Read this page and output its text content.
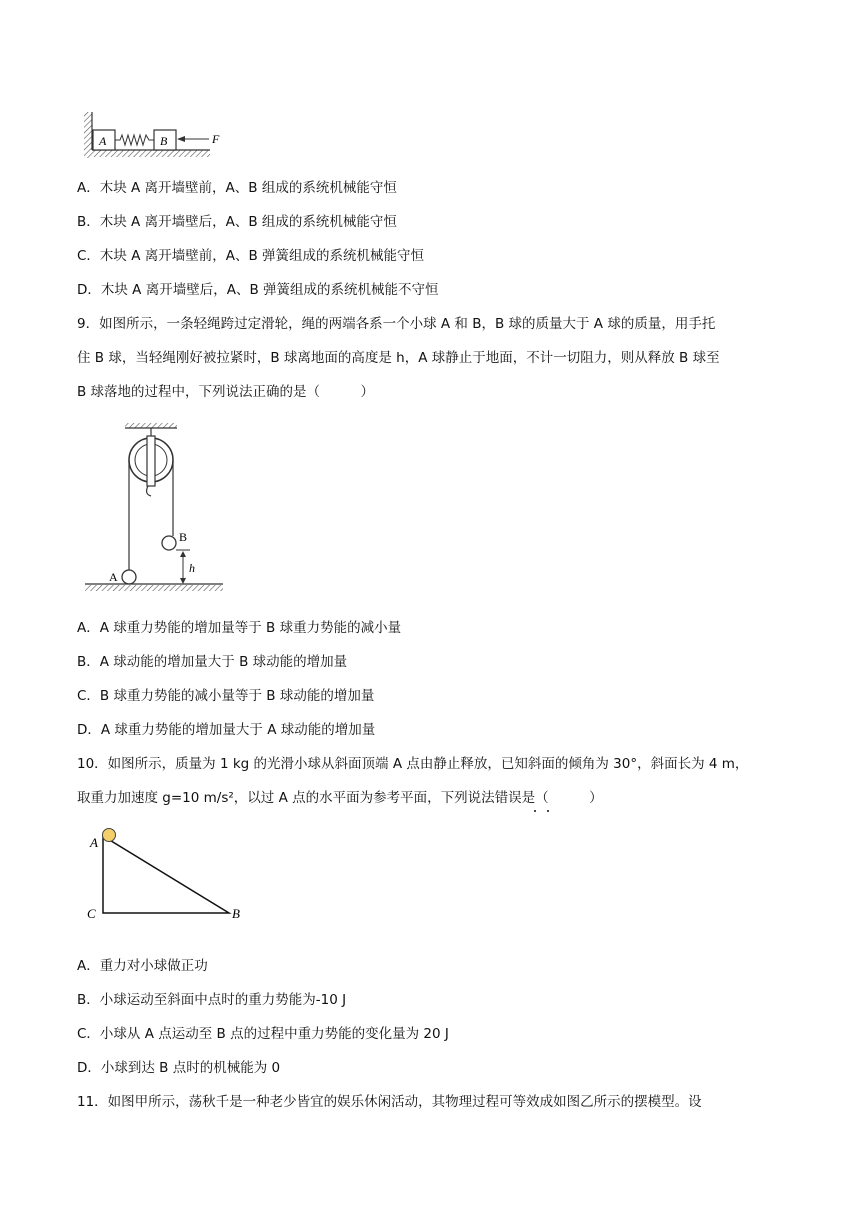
A	B	F
A．木块 A 离开墙壁前，A、B 组成的系统机械能守恒
B．木块 A 离开墙壁后，A、B 组成的系统机械能守恒
C．木块 A 离开墙壁前，A、B 弹簧组成的系统机械能守恒
D．木块 A 离开墙壁后，A、B 弹簧组成的系统机械能不守恒
9．如图所示，一条轻绳跨过定滑轮，绳的两端各系一个小球 A 和 B，B 球的质量大于 A 球的质量，用手托
住 B 球，当轻绳刚好被拉紧时，B 球离地面的高度是 h，A 球静止于地面，不计一切阻力，则从释放 B 球至
B 球落地的过程中，下列说法正确的是（　　　）
A
B
h
A．A 球重力势能的增加量等于 B 球重力势能的减小量
B．A 球动能的增加量大于 B 球动能的增加量
C．B 球重力势能的减小量等于 B 球动能的增加量
D．A 球重力势能的增加量大于 A 球动能的增加量
10．如图所示，质量为 1 kg 的光滑小球从斜面顶端 A 点由静止释放，已知斜面的倾角为 30°，斜面长为 4 m，
取重力加速度 g=10 m/s²，以过 A 点的水平面为参考平面，下列说法错误是（　　　）
A
C	B
A．重力对小球做正功
B．小球运动至斜面中点时的重力势能为-10 J
C．小球从 A 点运动至 B 点的过程中重力势能的变化量为 20 J
D．小球到达 B 点时的机械能为 0
11．如图甲所示，荡秋千是一种老少皆宜的娱乐休闲活动，其物理过程可等效成如图乙所示的摆模型。设
